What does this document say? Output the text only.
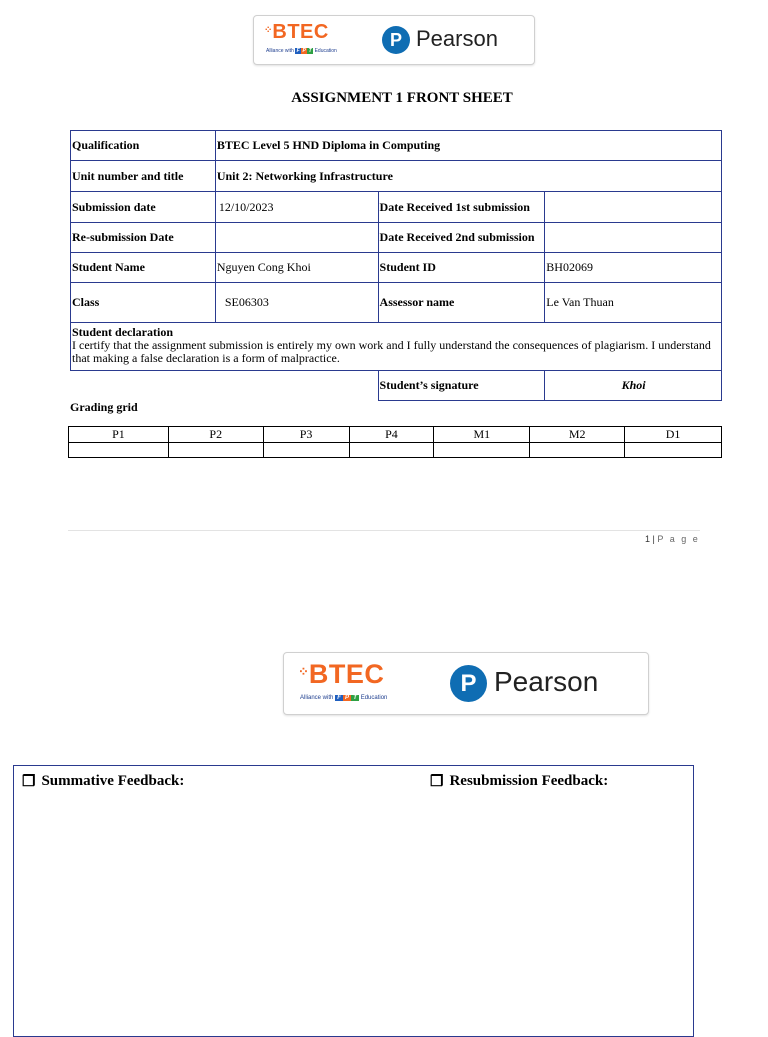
⁘BTEC
Alliance with F P T Education
P Pearson
ASSIGNMENT 1 FRONT SHEET
Qualification	BTEC Level 5 HND Diploma in Computing		
Unit number and title	Unit 2: Networking Infrastructure		
Submission date	12/10/2023	Date Received 1st submission	
Re-submission Date		Date Received 2nd submission	
Student Name	Nguyen Cong Khoi	Student ID	BH02069
Class	SE06303	Assessor name	Le Van Thuan

Student declaration
I certify that the assignment submission is entirely my own work and I fully understand the consequences of plagiarism. I understand that making a false declaration is a form of malpractice.			

		Student’s signature	Khoi
Grading grid
P1	P2	P3	P4	M1	M2	D1

1 | P a g e
⁘BTEC
Alliance with F P T Education
P Pearson
❒ Summative Feedback:	❒ Resubmission Feedback:
